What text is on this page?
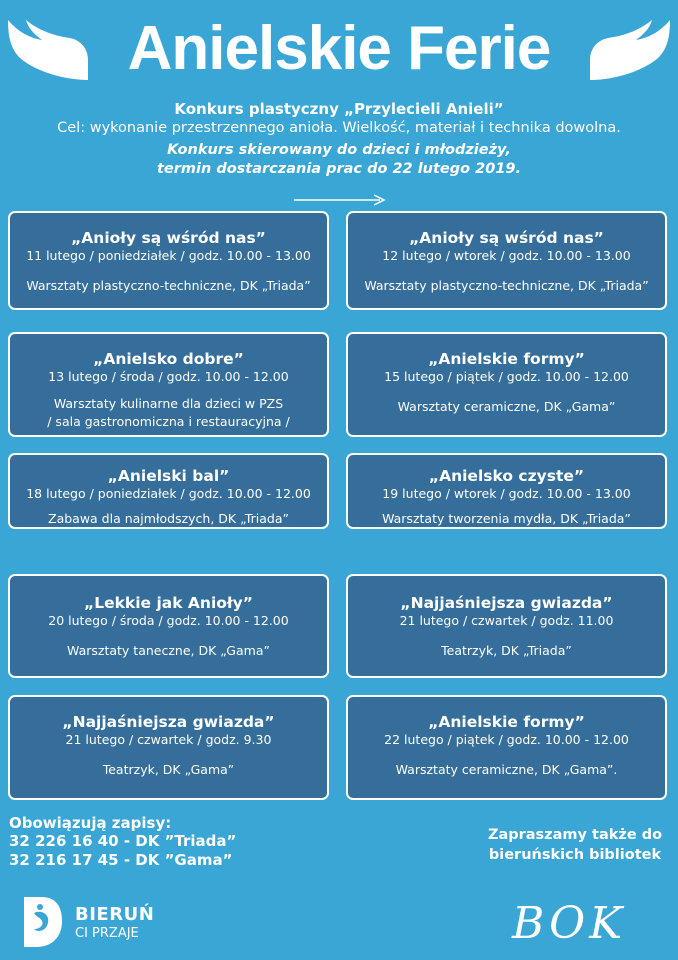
Anielskie Ferie
Konkurs plastyczny „Przylecieli Anieli”
Cel: wykonanie przestrzennego anioła. Wielkość, materiał i technika dowolna.
Konkurs skierowany do dzieci i młodzieży,
termin dostarczania prac do 22 lutego 2019.
„Anioły są wśród nas”
11 lutego / poniedziałek / godz. 10.00 - 13.00
Warsztaty plastyczno-techniczne, DK „Triada”
„Anioły są wśród nas”
12 lutego / wtorek / godz. 10.00 - 13.00
Warsztaty plastyczno-techniczne, DK „Triada”
„Anielsko dobre”
13 lutego / środa / godz. 10.00 - 12.00
Warsztaty kulinarne dla dzieci w PZS
/ sala gastronomiczna i restauracyjna /
„Anielskie formy”
15 lutego / piątek / godz. 10.00 - 12.00
Warsztaty ceramiczne, DK „Gama”
„Anielski bal”
18 lutego / poniedziałek / godz. 10.00 - 12.00
Zabawa dla najmłodszych, DK „Triada”
„Anielsko czyste”
19 lutego / wtorek / godz. 10.00 - 13.00
Warsztaty tworzenia mydła, DK „Triada”
„Lekkie jak Anioły”
20 lutego / środa / godz. 10.00 - 12.00
Warsztaty taneczne, DK „Gama”
„Najjaśniejsza gwiazda”
21 lutego / czwartek / godz. 11.00
Teatrzyk, DK „Triada”
„Najjaśniejsza gwiazda”
21 lutego / czwartek / godz. 9.30
Teatrzyk, DK „Gama”
„Anielskie formy”
22 lutego / piątek / godz. 10.00 - 12.00
Warsztaty ceramiczne, DK „Gama”.
Obowiązują zapisy:
32 226 16 40 - DK ”Triada”
32 216 17 45 - DK ”Gama”
Zapraszamy także do
bieruńskich bibliotek
BIERUŃ
CI PRZAJE	BOK
